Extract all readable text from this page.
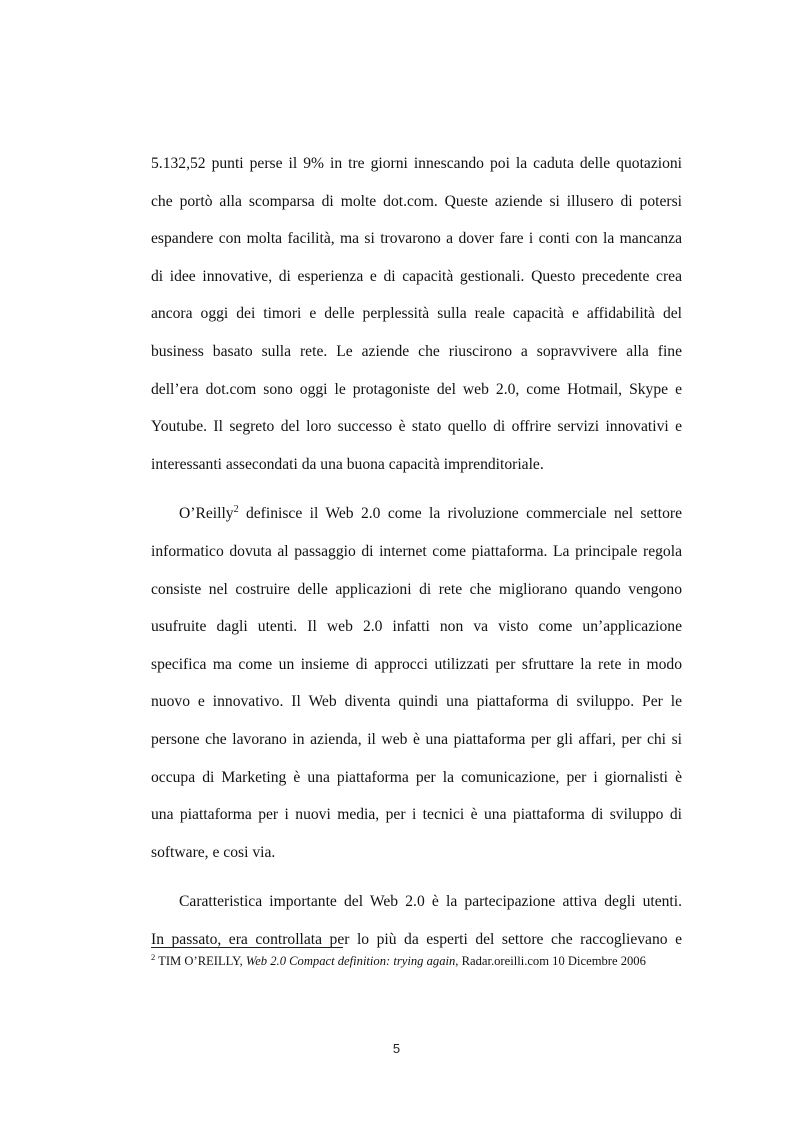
5.132,52 punti perse il 9% in tre giorni innescando poi la caduta delle quotazioni
che portò alla scomparsa di molte dot.com. Queste aziende si illusero di potersi
espandere con molta facilità, ma si trovarono a dover fare i conti con la mancanza
di idee innovative, di esperienza e di capacità gestionali. Questo precedente crea
ancora oggi dei timori e delle perplessità sulla reale capacità e affidabilità del
business basato sulla rete. Le aziende che riuscirono a sopravvivere alla fine
dell’era dot.com sono oggi le protagoniste del web 2.0, come Hotmail, Skype e
Youtube. Il segreto del loro successo è stato quello di offrire servizi innovativi e
interessanti assecondati da una buona capacità imprenditoriale.
O’Reilly$^2$ definisce il Web 2.0 come la rivoluzione commerciale nel settore
informatico dovuta al passaggio di internet come piattaforma. La principale regola
consiste nel costruire delle applicazioni di rete che migliorano quando vengono
usufruite dagli utenti. Il web 2.0 infatti non va visto come un’applicazione
specifica ma come un insieme di approcci utilizzati per sfruttare la rete in modo
nuovo e innovativo. Il Web diventa quindi una piattaforma di sviluppo. Per le
persone che lavorano in azienda, il web è una piattaforma per gli affari, per chi si
occupa di Marketing è una piattaforma per la comunicazione, per i giornalisti è
una piattaforma per i nuovi media, per i tecnici è una piattaforma di sviluppo di
software, e cosi via.
Caratteristica importante del Web 2.0 è la partecipazione attiva degli utenti.
In passato, era controllata per lo più da esperti del settore che raccoglievano e
$^2$ TIM O’REILLY, Web 2.0 Compact definition: trying again, Radar.oreilli.com 10 Dicembre 2006
5
